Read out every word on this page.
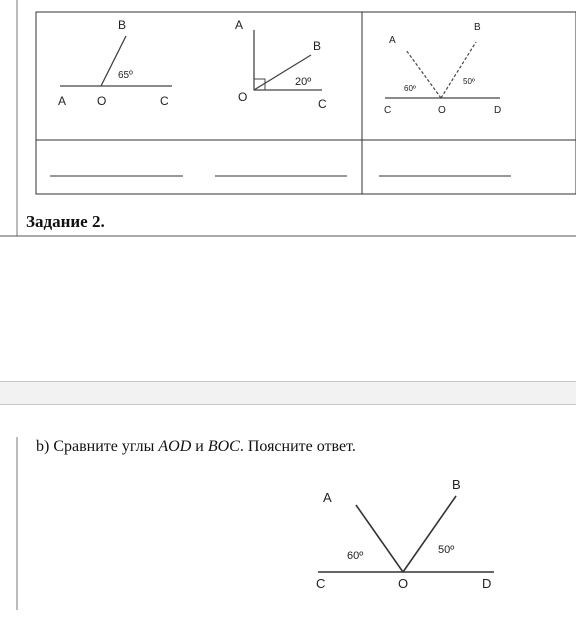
B
A	O	C
65º
A
B
O	C
20º
A
B
C	O	D
60º
50º
Задание 2.
b) Сравните углы AOD и BOC. Поясните ответ.
A
B
C	O	D
60º	50º
